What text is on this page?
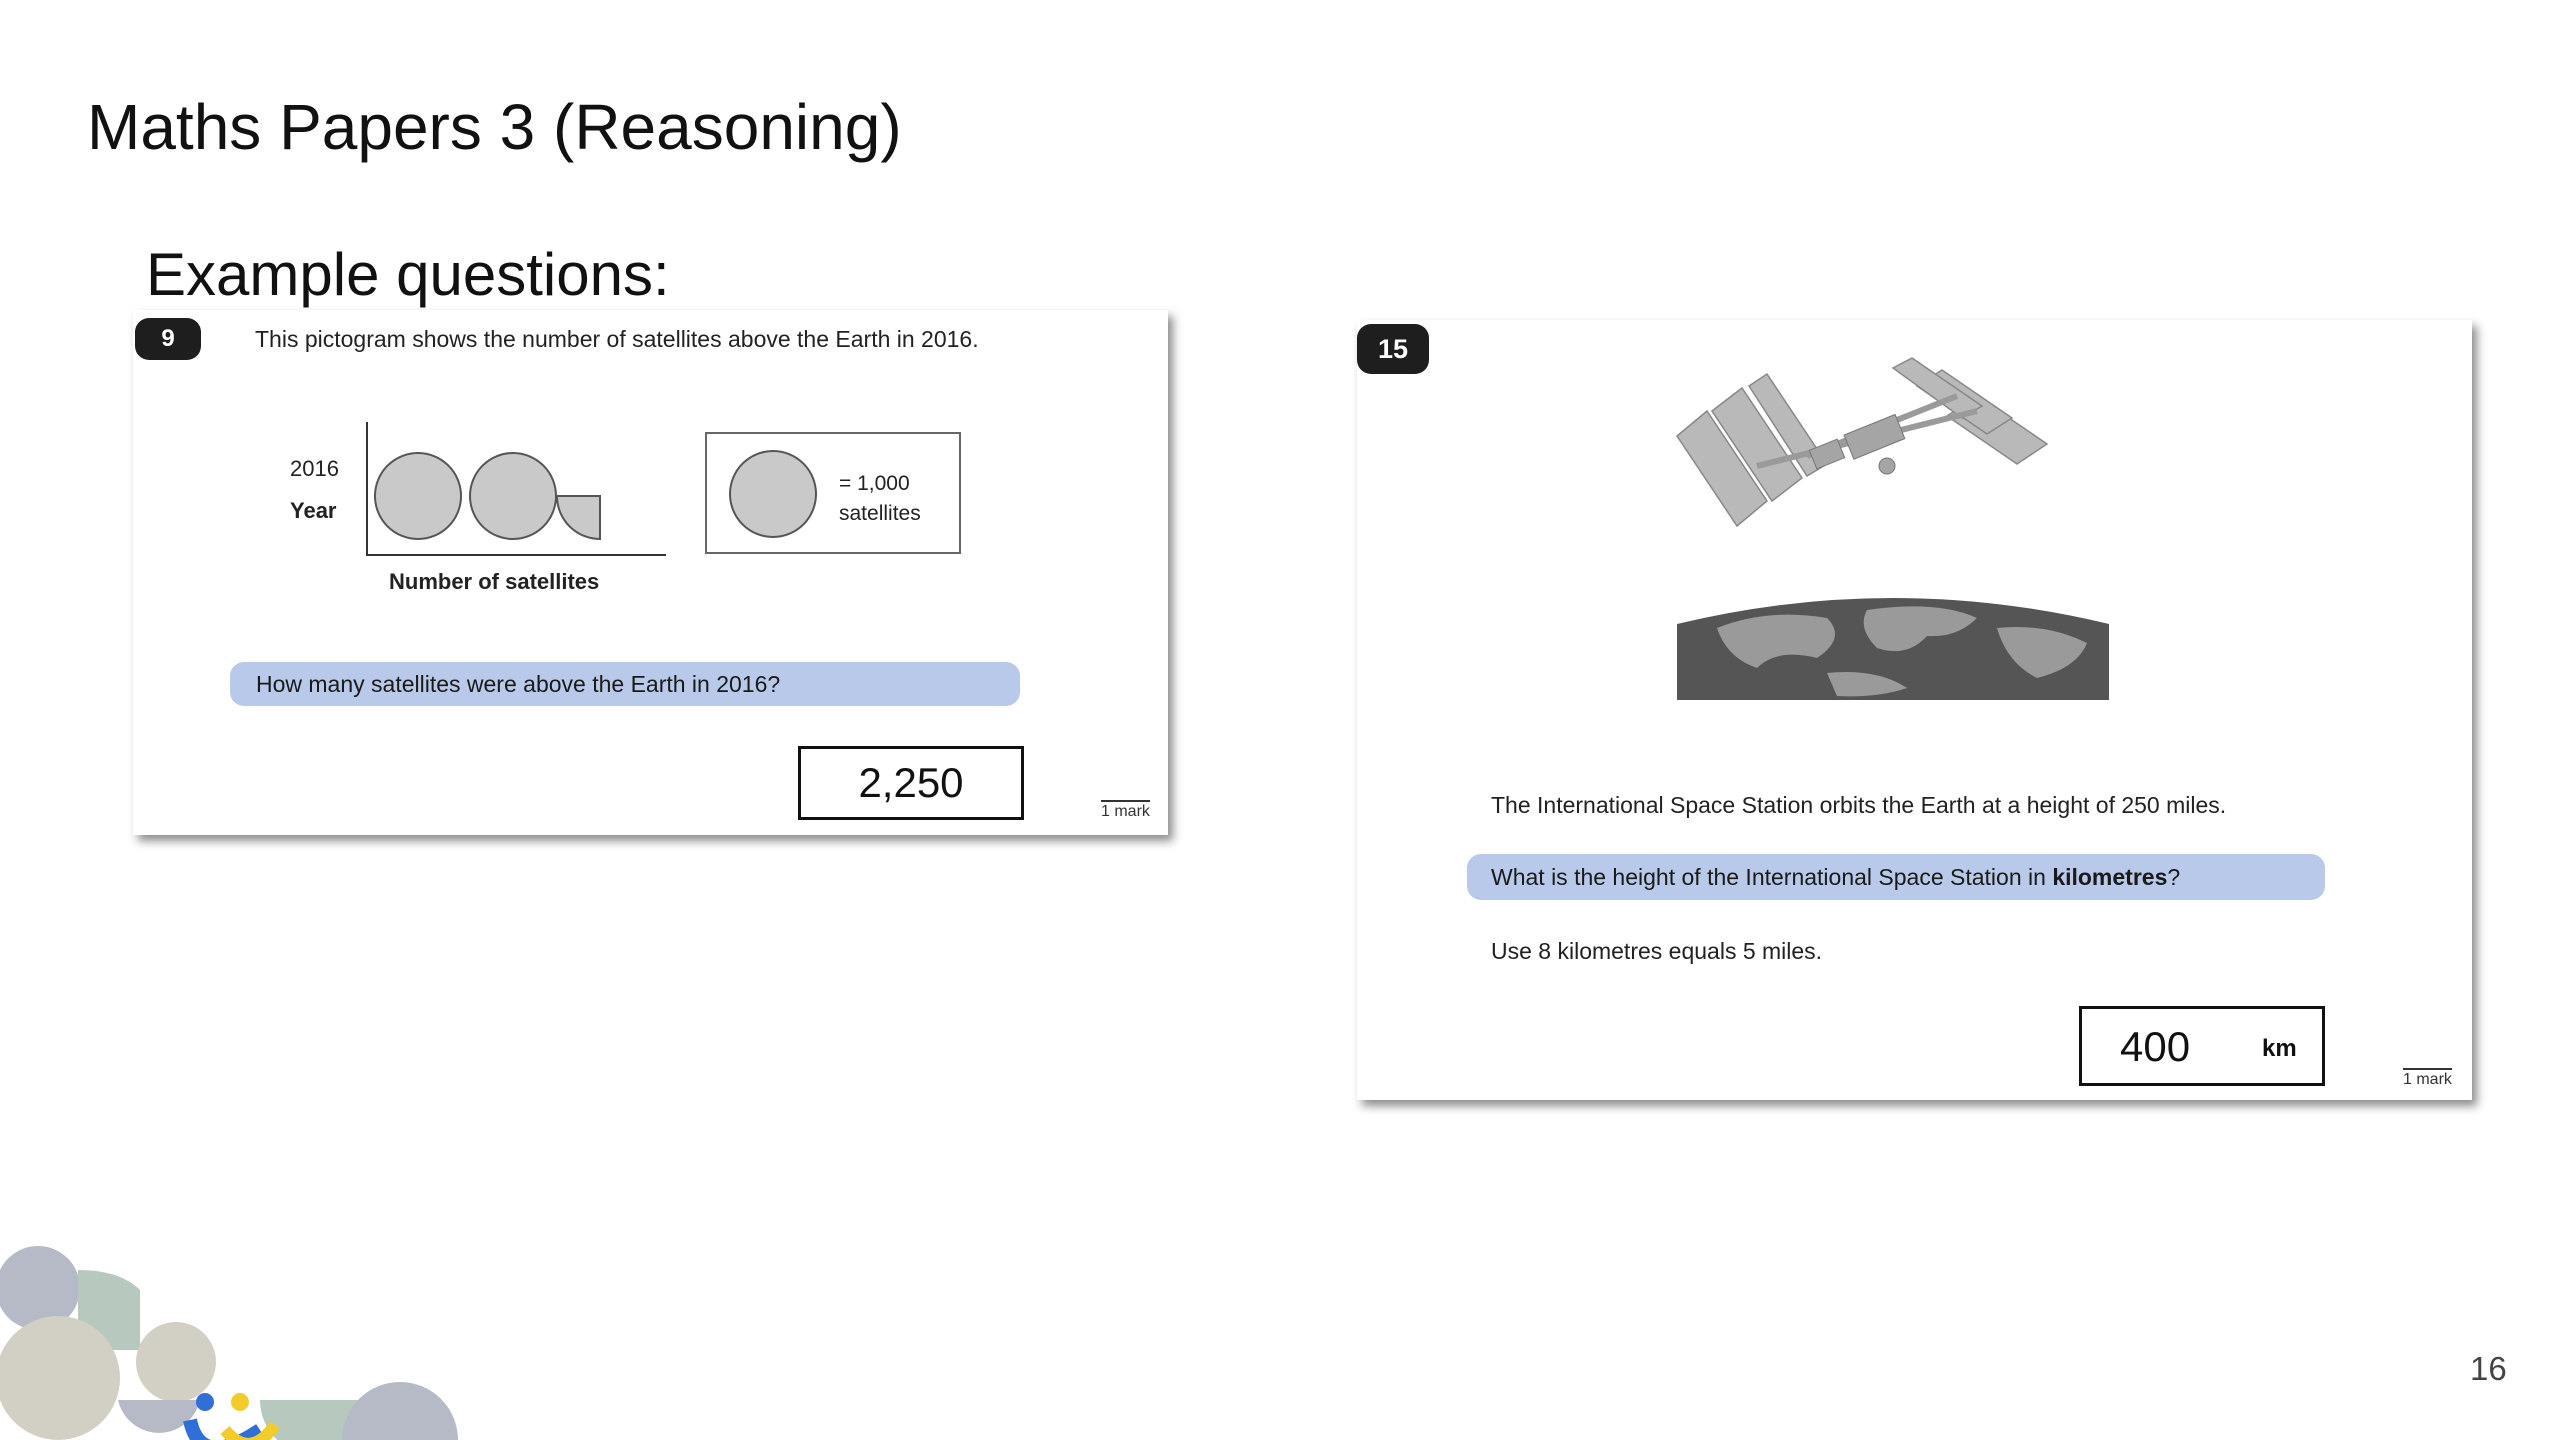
Maths Papers 3 (Reasoning)
Example questions:
9	This pictogram shows the number of satellites above the Earth in 2016.
2016
Year
Number of satellites
= 1,000
satellites
How many satellites were above the Earth in 2016?
2,250
1 mark
15
The International Space Station orbits the Earth at a height of 250 miles.
What is the height of the International Space Station in kilometres?
Use 8 kilometres equals 5 miles.
400	km
1 mark
16
